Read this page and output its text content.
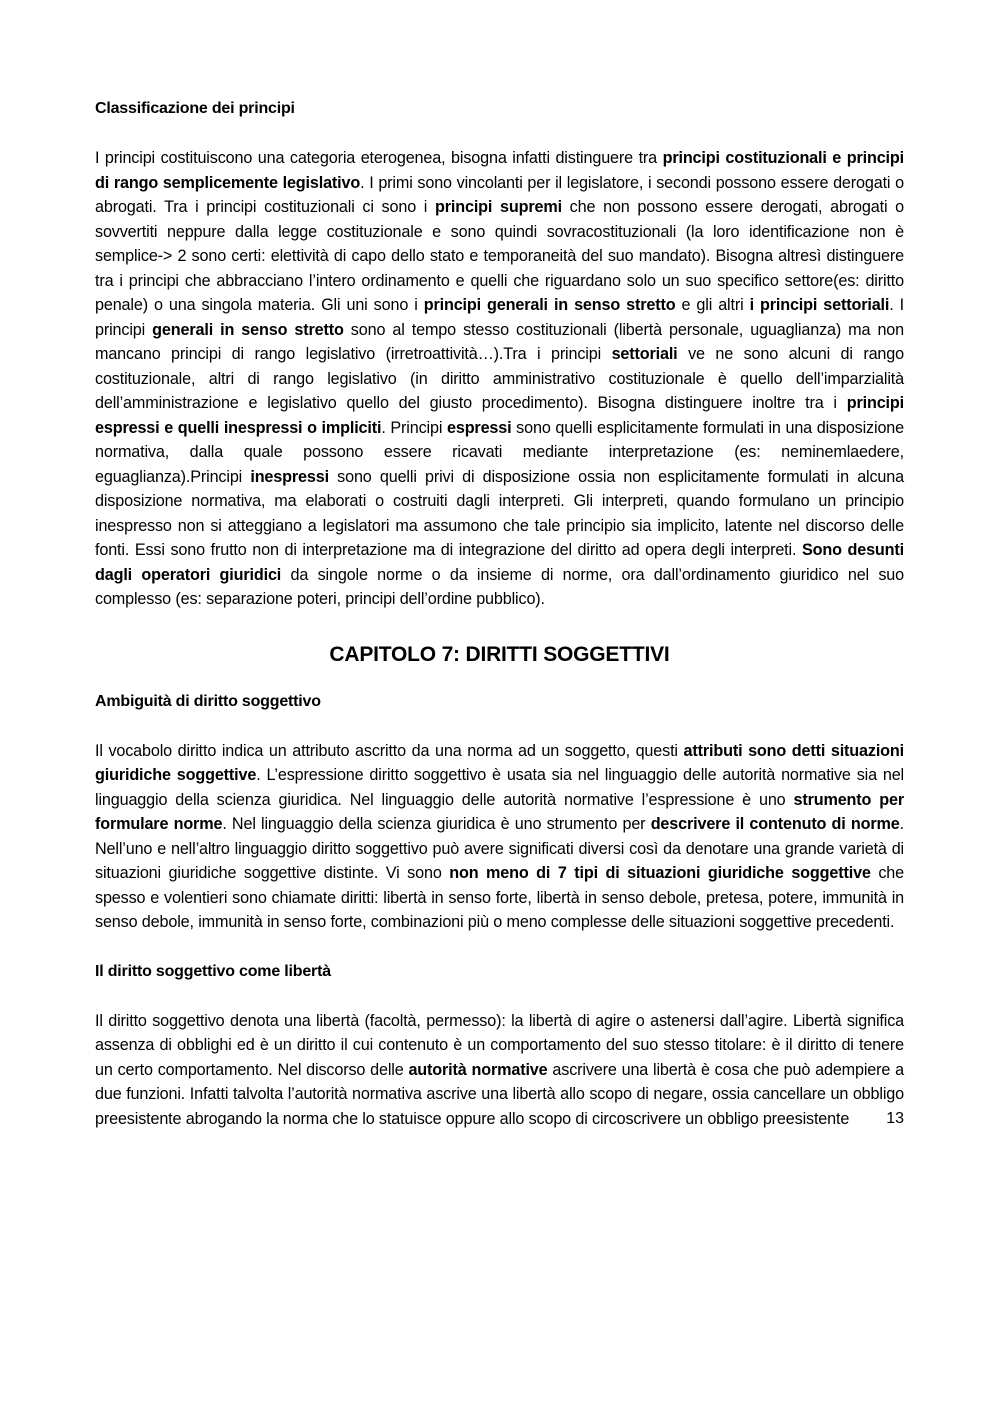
Classificazione dei principi

I principi costituiscono una categoria eterogenea, bisogna infatti distinguere tra principi costituzionali e principi di rango semplicemente legislativo. I primi sono vincolanti per il legislatore, i secondi possono essere derogati o abrogati. Tra i principi costituzionali ci sono i principi supremi che non possono essere derogati, abrogati o sovvertiti neppure dalla legge costituzionale e sono quindi sovracostituzionali (la loro identificazione non è semplice-> 2 sono certi: elettività di capo dello stato e temporaneità del suo mandato). Bisogna altresì distinguere tra i principi che abbracciano l’intero ordinamento e quelli che riguardano solo un suo specifico settore(es: diritto penale) o una singola materia. Gli uni sono i principi generali in senso stretto e gli altri i principi settoriali. I principi generali in senso stretto sono al tempo stesso costituzionali (libertà personale, uguaglianza) ma non mancano principi di rango legislativo (irretroattività…).Tra i principi settoriali ve ne sono alcuni di rango costituzionale, altri di rango legislativo (in diritto amministrativo costituzionale è quello dell’imparzialità dell’amministrazione e legislativo quello del giusto procedimento). Bisogna distinguere inoltre tra i principi espressi e quelli inespressi o impliciti. Principi espressi sono quelli esplicitamente formulati in una disposizione normativa, dalla quale possono essere ricavati mediante interpretazione (es: neminemlaedere, eguaglianza).Principi inespressi sono quelli privi di disposizione ossia non esplicitamente formulati in alcuna disposizione normativa, ma elaborati o costruiti dagli interpreti. Gli interpreti, quando formulano un principio inespresso non si atteggiano a legislatori ma assumono che tale principio sia implicito, latente nel discorso delle fonti. Essi sono frutto non di interpretazione ma di integrazione del diritto ad opera degli interpreti. Sono desunti dagli operatori giuridici da singole norme o da insieme di norme, ora dall’ordinamento giuridico nel suo complesso (es: separazione poteri, principi dell’ordine pubblico).

CAPITOLO 7: DIRITTI SOGGETTIVI
Ambiguità di diritto soggettivo

Il vocabolo diritto indica un attributo ascritto da una norma ad un soggetto, questi attributi sono detti situazioni giuridiche soggettive. L’espressione diritto soggettivo è usata sia nel linguaggio delle autorità normative sia nel linguaggio della scienza giuridica. Nel linguaggio delle autorità normative l’espressione è uno strumento per formulare norme. Nel linguaggio della scienza giuridica è uno strumento per descrivere il contenuto di norme. Nell’uno e nell’altro linguaggio diritto soggettivo può avere significati diversi così da denotare una grande varietà di situazioni giuridiche soggettive distinte. Vi sono non meno di 7 tipi di situazioni giuridiche soggettive che spesso e volentieri sono chiamate diritti: libertà in senso forte, libertà in senso debole, pretesa, potere, immunità in senso debole, immunità in senso forte, combinazioni più o meno complesse delle situazioni soggettive precedenti.

Il diritto soggettivo come libertà

Il diritto soggettivo denota una libertà (facoltà, permesso): la libertà di agire o astenersi dall’agire. Libertà significa assenza di obblighi ed è un diritto il cui contenuto è un comportamento del suo stesso titolare: è il diritto di tenere un certo comportamento. Nel discorso delle autorità normative ascrivere una libertà è cosa che può adempiere a due funzioni. Infatti talvolta l’autorità normativa ascrive una libertà allo scopo di negare, ossia cancellare un obbligo preesistente abrogando la norma che lo statuisce oppure allo scopo di circoscrivere un obbligo preesistente	13
